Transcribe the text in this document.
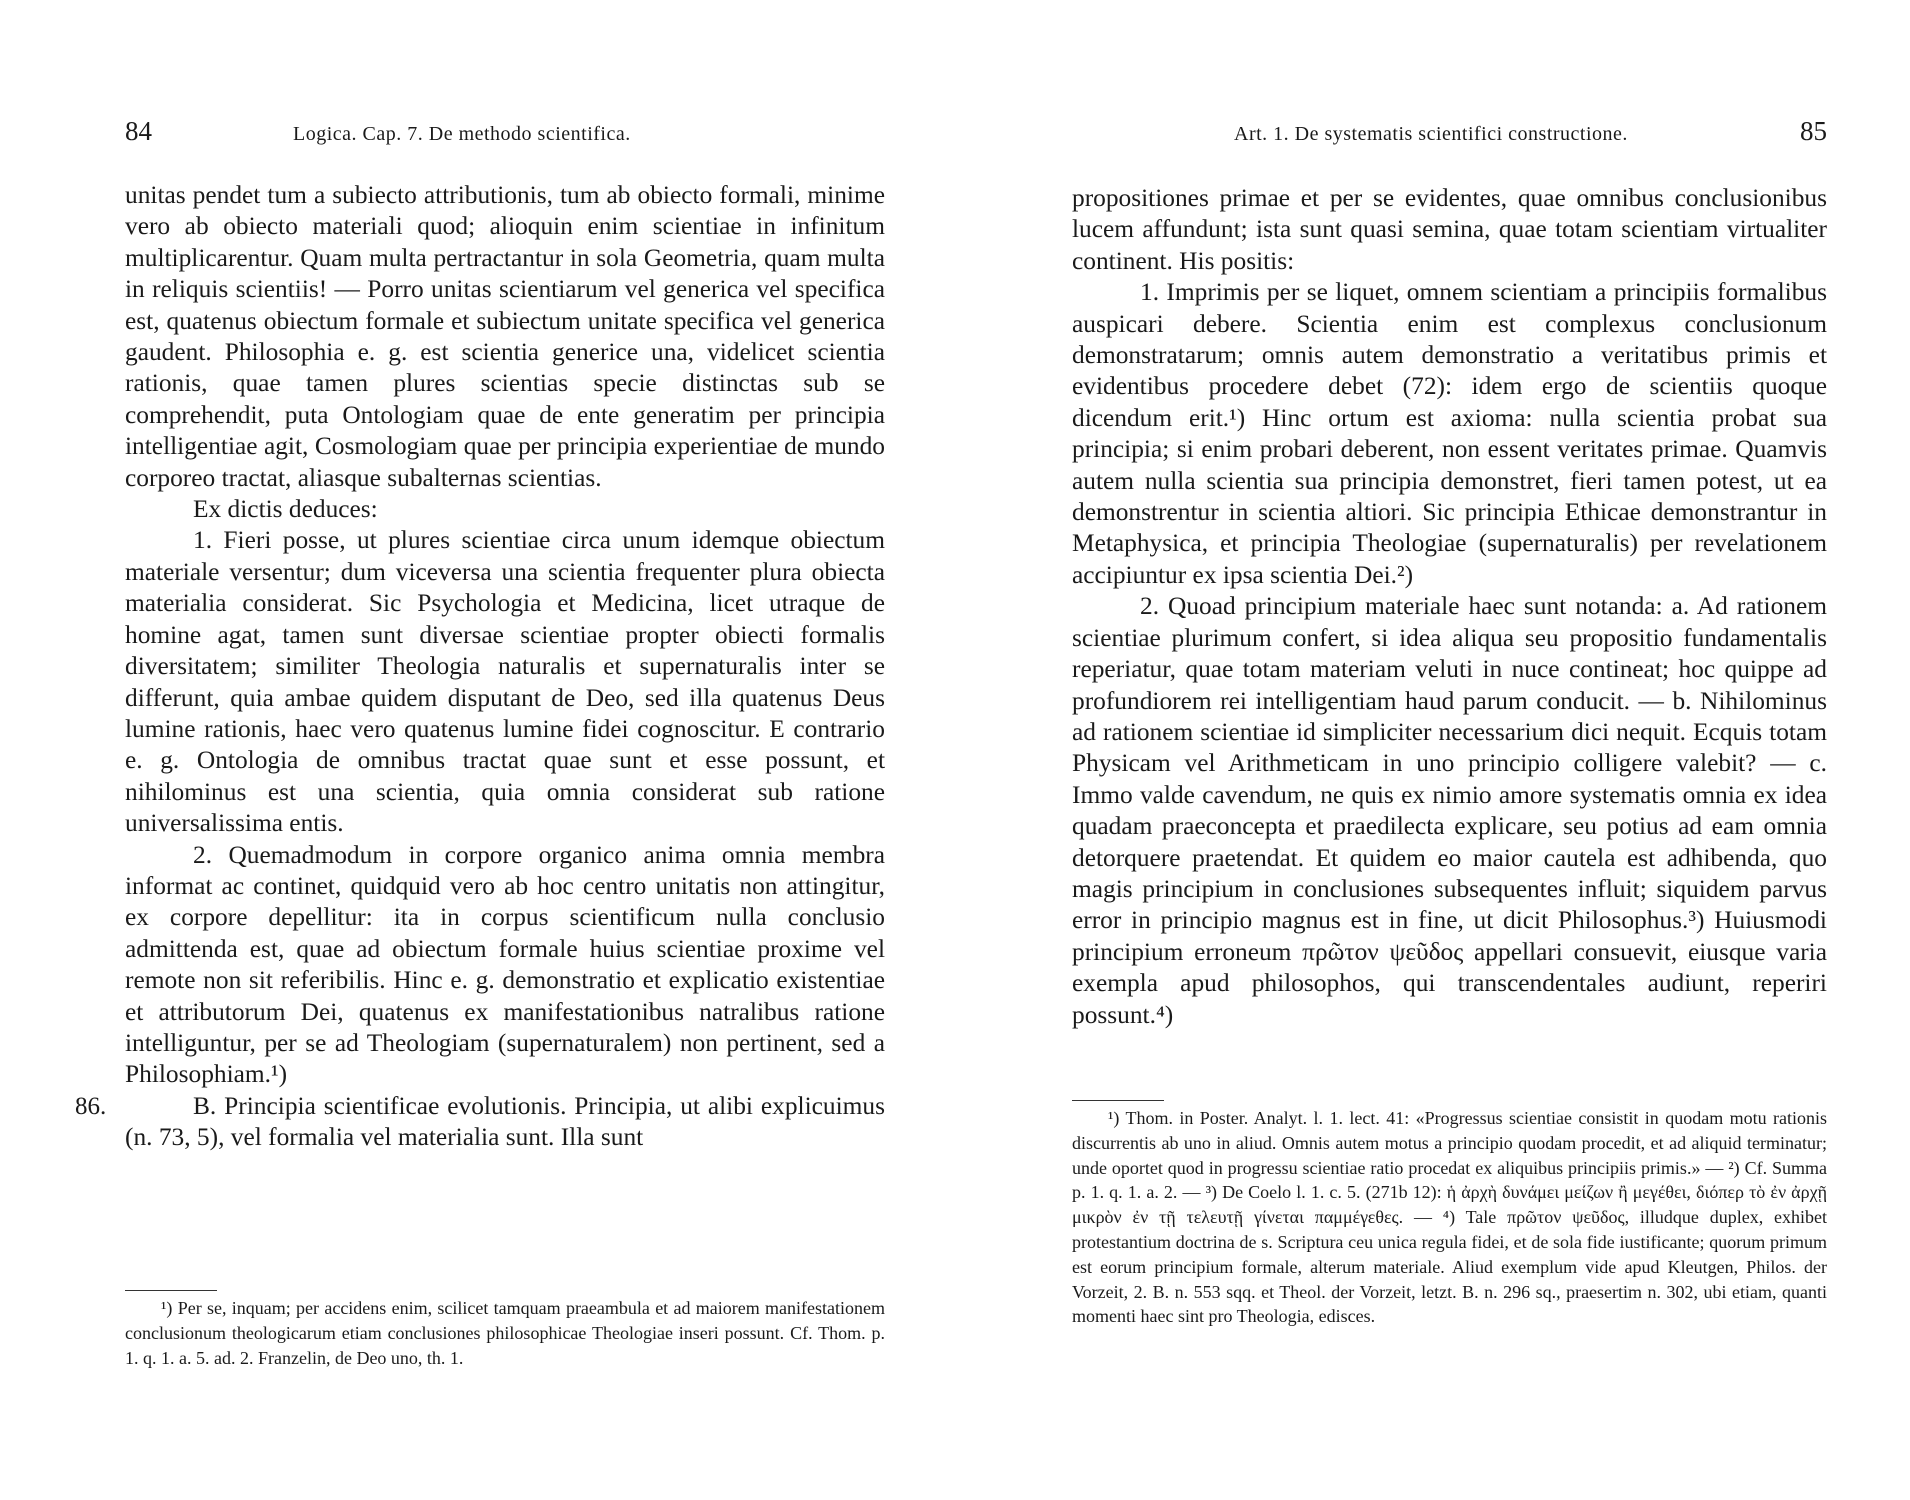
84	Logica. Cap. 7. De methodo scientifica.

unitas pendet tum a subiecto attributionis, tum ab obiecto formali, minime vero ab obiecto materiali quod; alioquin enim scientiae in infinitum multiplicarentur. Quam multa pertractantur in sola Geometria, quam multa in reliquis scientiis! — Porro unitas scientiarum vel generica vel specifica est, quatenus obiectum formale et subiectum unitate specifica vel generica gaudent. Philosophia e. g. est scientia generice una, videlicet scientia rationis, quae tamen plures scientias specie distinctas sub se comprehendit, puta Ontologiam quae de ente generatim per principia intelligentiae agit, Cosmologiam quae per principia experientiae de mundo corporeo tractat, aliasque subalternas scientias.

Ex dictis deduces:

1. Fieri posse, ut plures scientiae circa unum idemque obiectum materiale versentur; dum viceversa una scientia frequenter plura obiecta materialia considerat. Sic Psychologia et Medicina, licet utraque de homine agat, tamen sunt diversae scientiae propter obiecti formalis diversitatem; similiter Theologia naturalis et supernaturalis inter se differunt, quia ambae quidem disputant de Deo, sed illa quatenus Deus lumine rationis, haec vero quatenus lumine fidei cognoscitur. E contrario e. g. Ontologia de omnibus tractat quae sunt et esse possunt, et nihilominus est una scientia, quia omnia considerat sub ratione universalissima entis.

2. Quemadmodum in corpore organico anima omnia membra informat ac continet, quidquid vero ab hoc centro unitatis non attingitur, ex corpore depellitur: ita in corpus scientificum nulla conclusio admittenda est, quae ad obiectum formale huius scientiae proxime vel remote non sit referibilis. Hinc e. g. demonstratio et explicatio existentiae et attributorum Dei, quatenus ex manifestationibus natralibus ratione intelliguntur, per se ad Theologiam (supernaturalem) non pertinent, sed a Philosophiam.¹)

86.	B. Principia scientificae evolutionis. Principia, ut alibi explicuimus (n. 73, 5), vel formalia vel materialia sunt. Illa sunt

¹) Per se, inquam; per accidens enim, scilicet tamquam praeambula et ad maiorem manifestationem conclusionum theologicarum etiam conclusiones philosophicae Theologiae inseri possunt. Cf. Thom. p. 1. q. 1. a. 5. ad. 2. Franzelin, de Deo uno, th. 1.

Art. 1. De systematis scientifici constructione.	85

propositiones primae et per se evidentes, quae omnibus conclusionibus lucem affundunt; ista sunt quasi semina, quae totam scientiam virtualiter continent. His positis:

1. Imprimis per se liquet, omnem scientiam a principiis formalibus auspicari debere. Scientia enim est complexus conclusionum demonstratarum; omnis autem demonstratio a veritatibus primis et evidentibus procedere debet (72): idem ergo de scientiis quoque dicendum erit.¹) Hinc ortum est axioma: nulla scientia probat sua principia; si enim probari deberent, non essent veritates primae. Quamvis autem nulla scientia sua principia demonstret, fieri tamen potest, ut ea demonstrentur in scientia altiori. Sic principia Ethicae demonstrantur in Metaphysica, et principia Theologiae (supernaturalis) per revelationem accipiuntur ex ipsa scientia Dei.²)

2. Quoad principium materiale haec sunt notanda: a. Ad rationem scientiae plurimum confert, si idea aliqua seu propositio fundamentalis reperiatur, quae totam materiam veluti in nuce contineat; hoc quippe ad profundiorem rei intelligentiam haud parum conducit. — b. Nihilominus ad rationem scientiae id simpliciter necessarium dici nequit. Ecquis totam Physicam vel Arithmeticam in uno principio colligere valebit? — c. Immo valde cavendum, ne quis ex nimio amore systematis omnia ex idea quadam praeconcepta et praedilecta explicare, seu potius ad eam omnia detorquere praetendat. Et quidem eo maior cautela est adhibenda, quo magis principium in conclusiones subsequentes influit; siquidem parvus error in principio magnus est in fine, ut dicit Philosophus.³) Huiusmodi principium erroneum πρῶτον ψεῦδος appellari consuevit, eiusque varia exempla apud philosophos, qui transcendentales audiunt, reperiri possunt.⁴)

¹) Thom. in Poster. Analyt. l. 1. lect. 41: «Progressus scientiae consistit in quodam motu rationis discurrentis ab uno in aliud. Omnis autem motus a principio quodam procedit, et ad aliquid terminatur; unde oportet quod in progressu scientiae ratio procedat ex aliquibus principiis primis.» — ²) Cf. Summa p. 1. q. 1. a. 2. — ³) De Coelo l. 1. c. 5. (271b 12): ἡ ἀρχὴ δυνάμει μείζων ἢ μεγέθει, διόπερ τὸ ἐν ἀρχῇ μικρὸν ἐν τῇ τελευτῇ γίνεται παμμέγεθες. — ⁴) Tale πρῶτον ψεῦδος, illudque duplex, exhibet protestantium doctrina de s. Scriptura ceu unica regula fidei, et de sola fide iustificante; quorum primum est eorum principium formale, alterum materiale. Aliud exemplum vide apud Kleutgen, Philos. der Vorzeit, 2. B. n. 553 sqq. et Theol. der Vorzeit, letzt. B. n. 296 sq., praesertim n. 302, ubi etiam, quanti momenti haec sint pro Theologia, edisces.
